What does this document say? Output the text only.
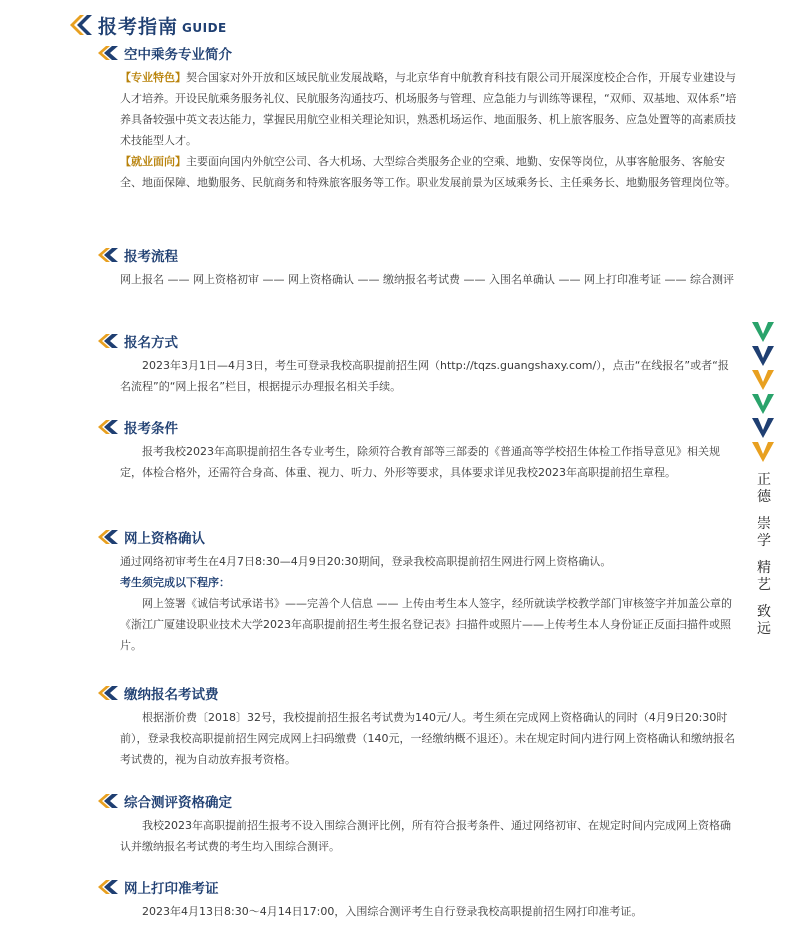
报考指南 GUIDE
空中乘务专业简介

【专业特色】契合国家对外开放和区域民航业发展战略，与北京华育中航教育科技有限公司开展深度校企合作，开展专业建设与人才培养。开设民航乘务服务礼仪、民航服务沟通技巧、机场服务与管理、应急能力与训练等课程，“双师、双基地、双体系”培养具备较强中英文表达能力，掌握民用航空业相关理论知识，熟悉机场运作、地面服务、机上旅客服务、应急处置等的高素质技术技能型人才。

【就业面向】主要面向国内外航空公司、各大机场、大型综合类服务企业的空乘、地勤、安保等岗位，从事客舱服务、客舱安全、地面保障、地勤服务、民航商务和特殊旅客服务等工作。职业发展前景为区域乘务长、主任乘务长、地勤服务管理岗位等。

报考流程

网上报名 —— 网上资格初审 —— 网上资格确认 —— 缴纳报名考试费 —— 入围名单确认 —— 网上打印准考证 —— 综合测评

报名方式

2023年3月1日—4月3日，考生可登录我校高职提前招生网（http://tqzs.guangshaxy.com/），点击“在线报名”或者“报名流程”的“网上报名”栏目，根据提示办理报名相关手续。

报考条件

报考我校2023年高职提前招生各专业考生，除须符合教育部等三部委的《普通高等学校招生体检工作指导意见》相关规定，体检合格外，还需符合身高、体重、视力、听力、外形等要求，具体要求详见我校2023年高职提前招生章程。

网上资格确认

通过网络初审考生在4月7日8:30—4月9日20:30期间，登录我校高职提前招生网进行网上资格确认。

考生须完成以下程序：

网上签署《诚信考试承诺书》——完善个人信息 —— 上传由考生本人签字，经所就读学校教学部门审核签字并加盖公章的《浙江广厦建设职业技术大学2023年高职提前招生考生报名登记表》扫描件或照片——上传考生本人身份证正反面扫描件或照片。

缴纳报名考试费

根据浙价费〔2018〕32号，我校提前招生报名考试费为140元/人。考生须在完成网上资格确认的同时（4月9日20:30时前），登录我校高职提前招生网完成网上扫码缴费（140元，一经缴纳概不退还）。未在规定时间内进行网上资格确认和缴纳报名考试费的，视为自动放弃报考资格。

综合测评资格确定

我校2023年高职提前招生报考不设入围综合测评比例，所有符合报考条件、通过网络初审、在规定时间内完成网上资格确认并缴纳报名考试费的考生均入围综合测评。

网上打印准考证

2023年4月13日8:30～4月14日17:00，入围综合测评考生自行登录我校高职提前招生网打印准考证。

正
德
崇
学
精
艺
致
远
